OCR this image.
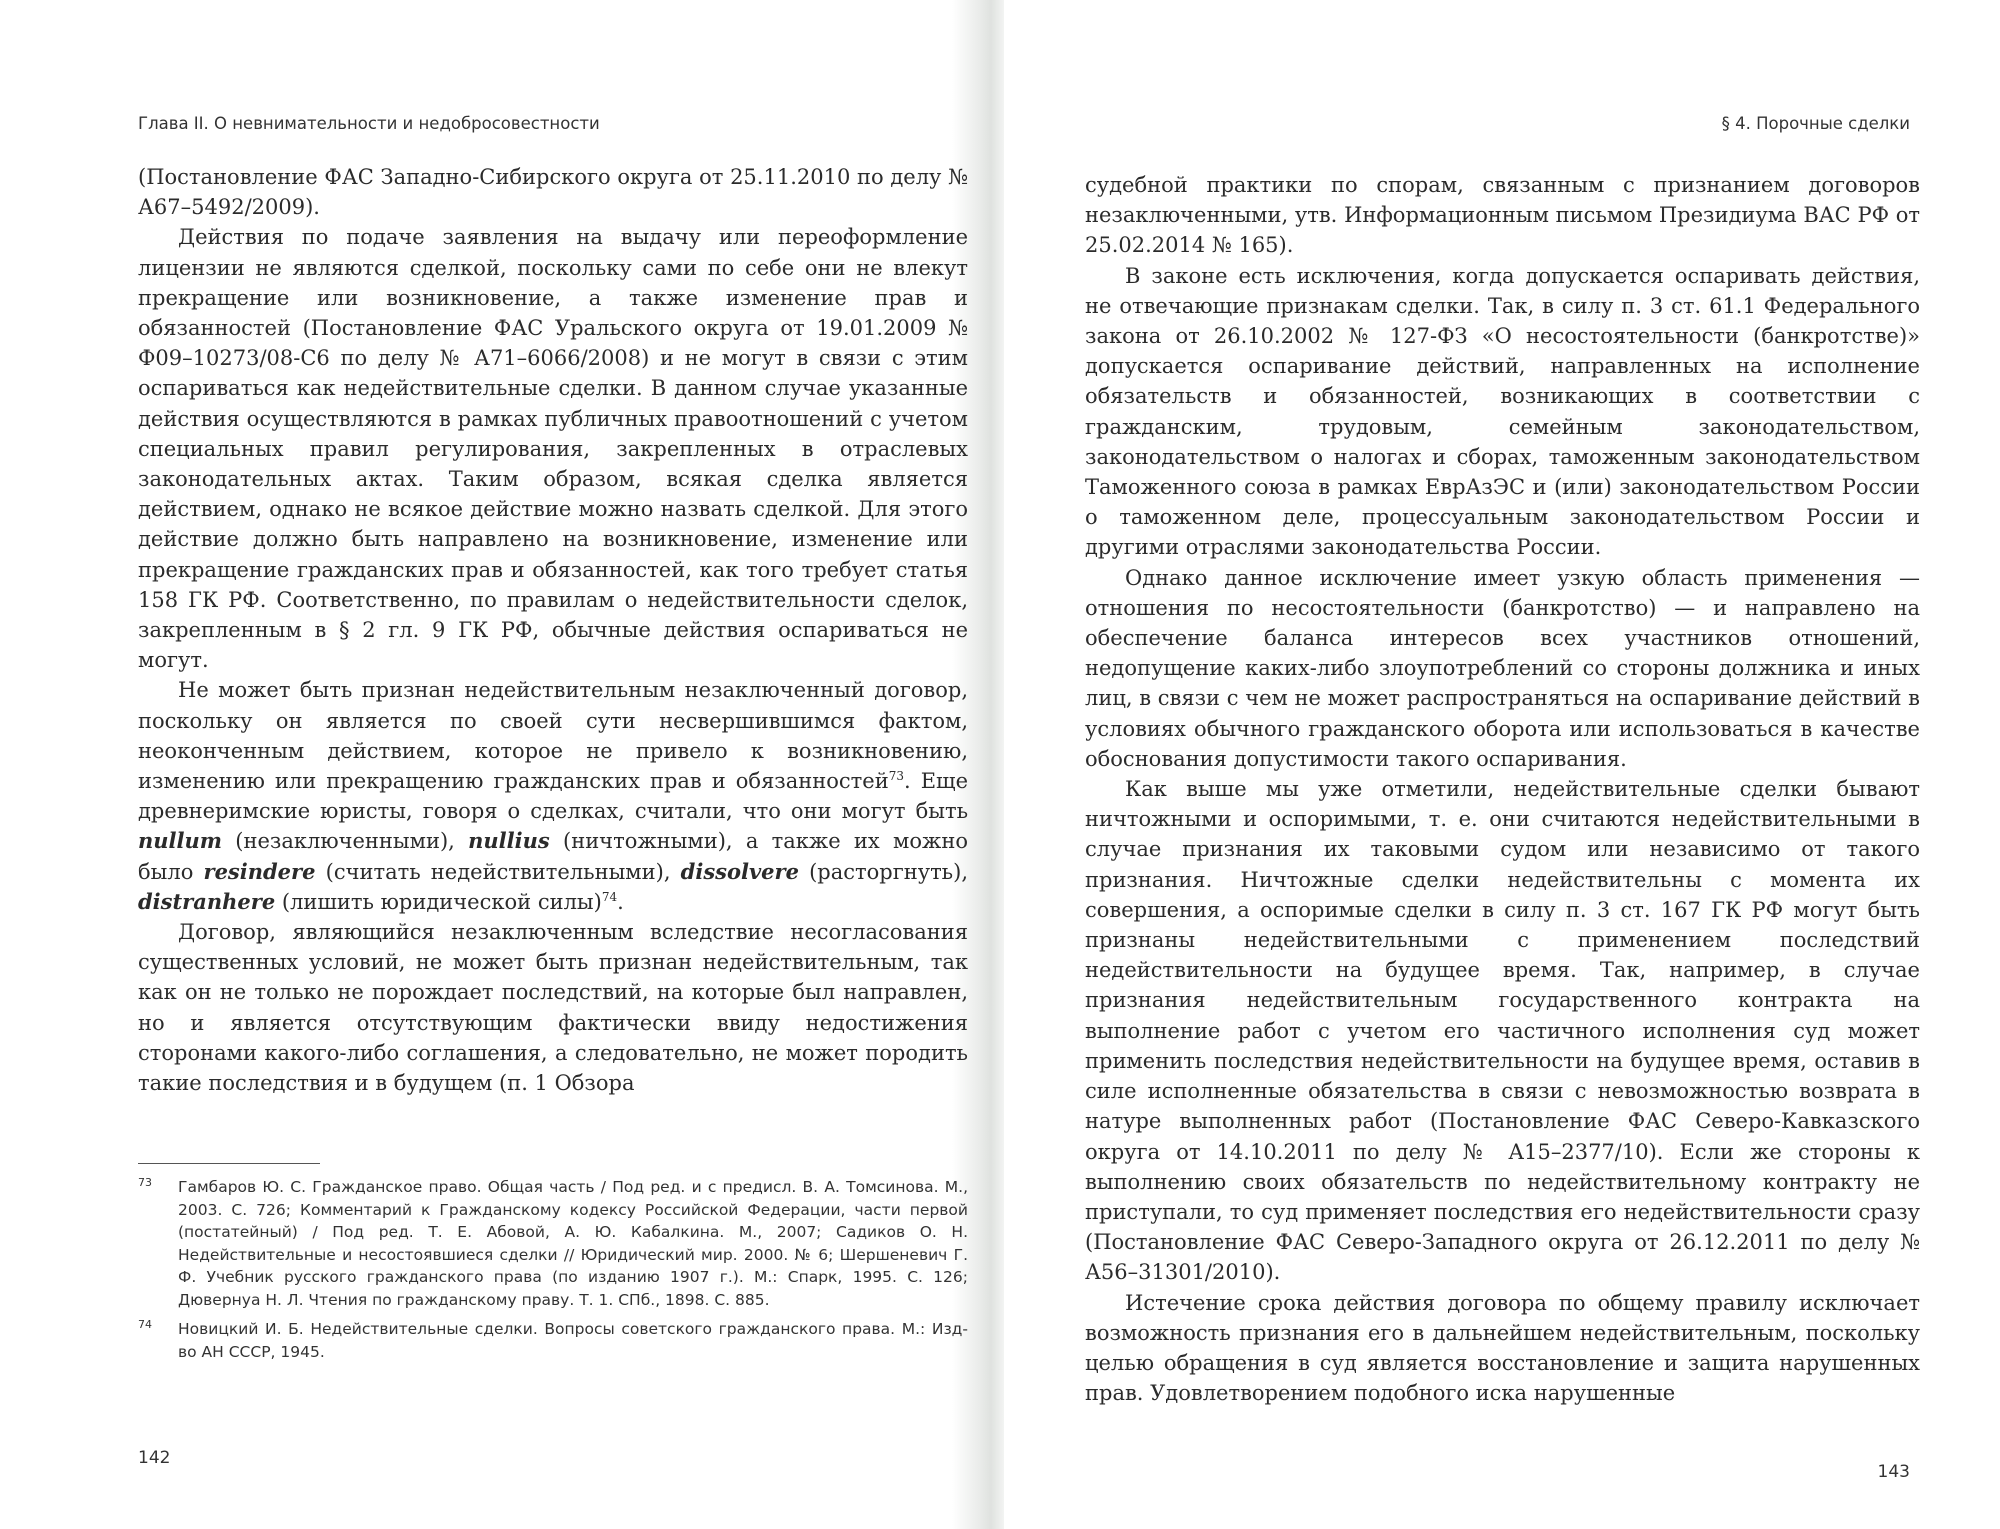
Глава II. О невнимательности и недобросовестности

(Постановление ФАС Западно-Сибирского округа от 25.11.2010 по делу № А67–5492/2009).

Действия по подаче заявления на выдачу или переоформление лицензии не являются сделкой, поскольку сами по себе они не влекут прекращение или возникновение, а также изменение прав и обязанностей (Постановление ФАС Уральского округа от 19.01.2009 № Ф09–10273/08-С6 по делу № А71–6066/2008) и не могут в связи с этим оспариваться как недействительные сделки. В данном случае указанные действия осуществляются в рамках публичных правоотношений с учетом специальных правил регулирования, закрепленных в отраслевых законодательных актах. Таким образом, всякая сделка является действием, однако не всякое действие можно назвать сделкой. Для этого действие должно быть направлено на возникновение, изменение или прекращение гражданских прав и обязанностей, как того требует статья 158 ГК РФ. Соответственно, по правилам о недействительности сделок, закрепленным в § 2 гл. 9 ГК РФ, обычные действия оспариваться не могут.

Не может быть признан недействительным незаключенный договор, поскольку он является по своей сути несвершившимся фактом, неоконченным действием, которое не привело к возникновению, изменению или прекращению гражданских прав и обязанностей$^{73}$. Еще древнеримские юристы, говоря о сделках, считали, что они могут быть nullum (незаключенными), nullius (ничтожными), а также их можно было resindere (считать недействительными), dissolvere (расторгнуть), distranhere (лишить юридической силы)$^{74}$.

Договор, являющийся незаключенным вследствие несогласования существенных условий, не может быть признан недействительным, так как он не только не порождает последствий, на которые был направлен, но и является отсутствующим фактически ввиду недостижения сторонами какого-либо соглашения, а следовательно, не может породить такие последствия и в будущем (п. 1 Обзора

73 Гамбаров Ю. С. Гражданское право. Общая часть / Под ред. и с предисл. В. А. Томсинова. М., 2003. С. 726; Комментарий к Гражданскому кодексу Российской Федерации, части первой (постатейный) / Под ред. Т. Е. Абовой, А. Ю. Кабалкина. М., 2007; Садиков О. Н. Недействительные и несостоявшиеся сделки // Юридический мир. 2000. № 6; Шершеневич Г. Ф. Учебник русского гражданского права (по изданию 1907 г.). М.: Спарк, 1995. С. 126; Дювернуа Н. Л. Чтения по гражданскому праву. Т. 1. СПб., 1898. С. 885.
74 Новицкий И. Б. Недействительные сделки. Вопросы советского гражданского права. М.: Изд-во АН СССР, 1945.
142
§ 4. Порочные сделки

судебной практики по спорам, связанным с признанием договоров незаключенными, утв. Информационным письмом Президиума ВАС РФ от 25.02.2014 № 165).

В законе есть исключения, когда допускается оспаривать действия, не отвечающие признакам сделки. Так, в силу п. 3 ст. 61.1 Федерального закона от 26.10.2002 № 127-ФЗ «О несостоятельности (банкротстве)» допускается оспаривание действий, направленных на исполнение обязательств и обязанностей, возникающих в соответствии с гражданским, трудовым, семейным законодательством, законодательством о налогах и сборах, таможенным законодательством Таможенного союза в рамках ЕврАзЭС и (или) законодательством России о таможенном деле, процессуальным законодательством России и другими отраслями законодательства России.

Однако данное исключение имеет узкую область применения — отношения по несостоятельности (банкротство) — и направлено на обеспечение баланса интересов всех участников отношений, недопущение каких-либо злоупотреблений со стороны должника и иных лиц, в связи с чем не может распространяться на оспаривание действий в условиях обычного гражданского оборота или использоваться в качестве обоснования допустимости такого оспаривания.

Как выше мы уже отметили, недействительные сделки бывают ничтожными и оспоримыми, т. е. они считаются недействительными в случае признания их таковыми судом или независимо от такого признания. Ничтожные сделки недействительны с момента их совершения, а оспоримые сделки в силу п. 3 ст. 167 ГК РФ могут быть признаны недействительными с применением последствий недействительности на будущее время. Так, например, в случае признания недействительным государственного контракта на выполнение работ с учетом его частичного исполнения суд может применить последствия недействительности на будущее время, оставив в силе исполненные обязательства в связи с невозможностью возврата в натуре выполненных работ (Постановление ФАС Северо-Кавказского округа от 14.10.2011 по делу № А15–2377/10). Если же стороны к выполнению своих обязательств по недействительному контракту не приступали, то суд применяет последствия его недействительности сразу (Постановление ФАС Северо-Западного округа от 26.12.2011 по делу № А56–31301/2010).

Истечение срока действия договора по общему правилу исключает возможность признания его в дальнейшем недействительным, поскольку целью обращения в суд является восстановление и защита нарушенных прав. Удовлетворением подобного иска нарушенные

143
